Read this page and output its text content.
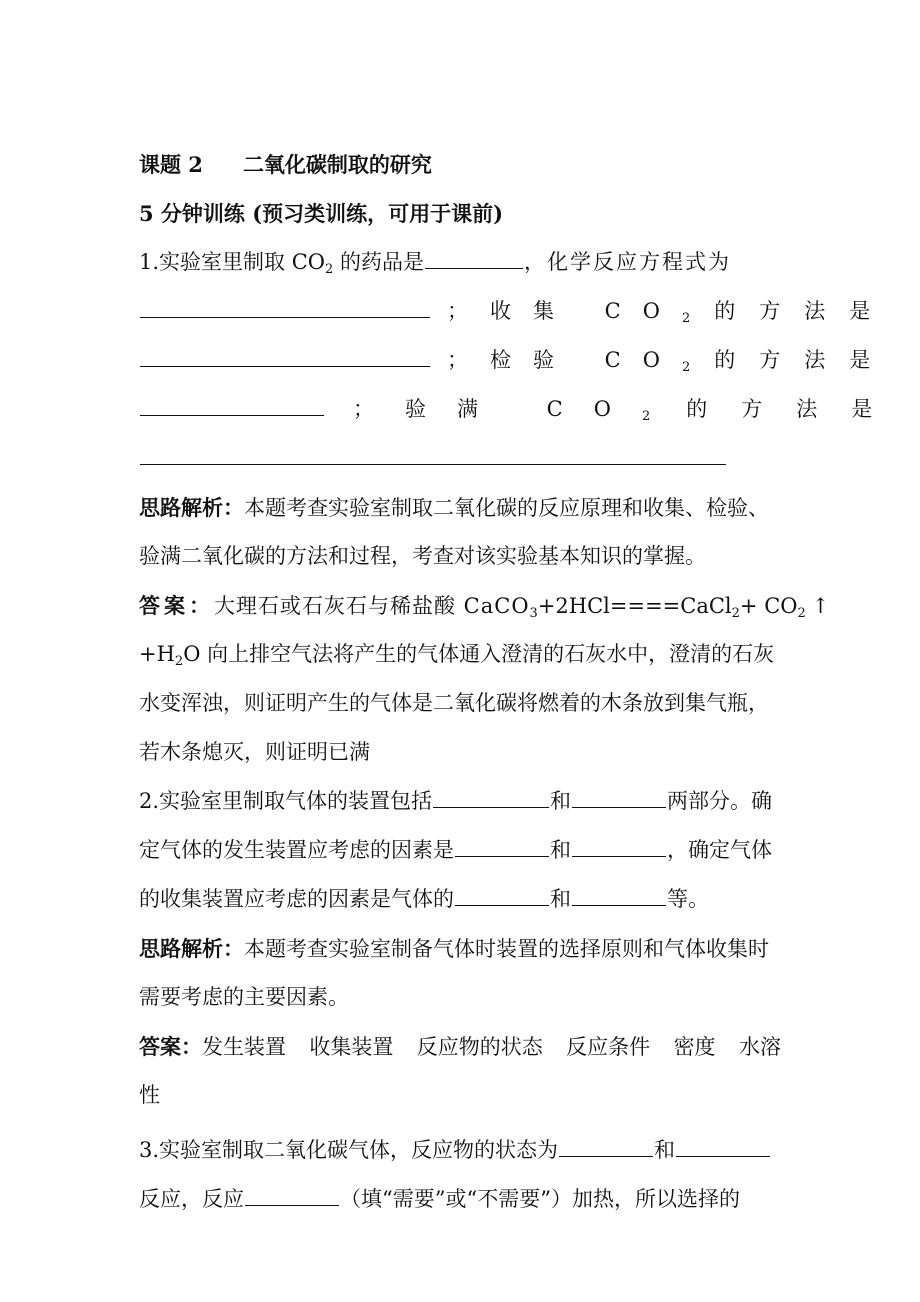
课题 2 二氧化碳制取的研究
5 分钟训练 (预习类训练，可用于课前)
1.实验室里制取 $CO_2$ 的药品是	，化学反应方程式为
；收集 $CO_2$ 的方法是
；检验 $CO_2$ 的方法是
；验满 $CO_2$ 的方法是
思路解析：本题考查实验室制取二氧化碳的反应原理和收集、检验、
验满二氧化碳的方法和过程，考查对该实验基本知识的掌握。
答案：大理石或石灰石与稀盐酸 CaCO$_3$+2HCl====CaCl$_2$+ $CO_2$ ↑
$+H_2O$ 向上排空气法将产生的气体通入澄清的石灰水中，澄清的石灰
水变浑浊，则证明产生的气体是二氧化碳将燃着的木条放到集气瓶，
若木条熄灭，则证明已满
2.实验室里制取气体的装置包括	和	两部分。确
定气体的发生装置应考虑的因素是	和	，确定气体
的收集装置应考虑的因素是气体的	和	等。
思路解析：本题考查实验室制备气体时装置的选择原则和气体收集时
需要考虑的主要因素。
答案：发生装置 收集装置 反应物的状态 反应条件 密度 水溶
性
3.实验室制取二氧化碳气体，反应物的状态为	和
反应，反应	（填“需要”或“不需要”）加热，所以选择的
